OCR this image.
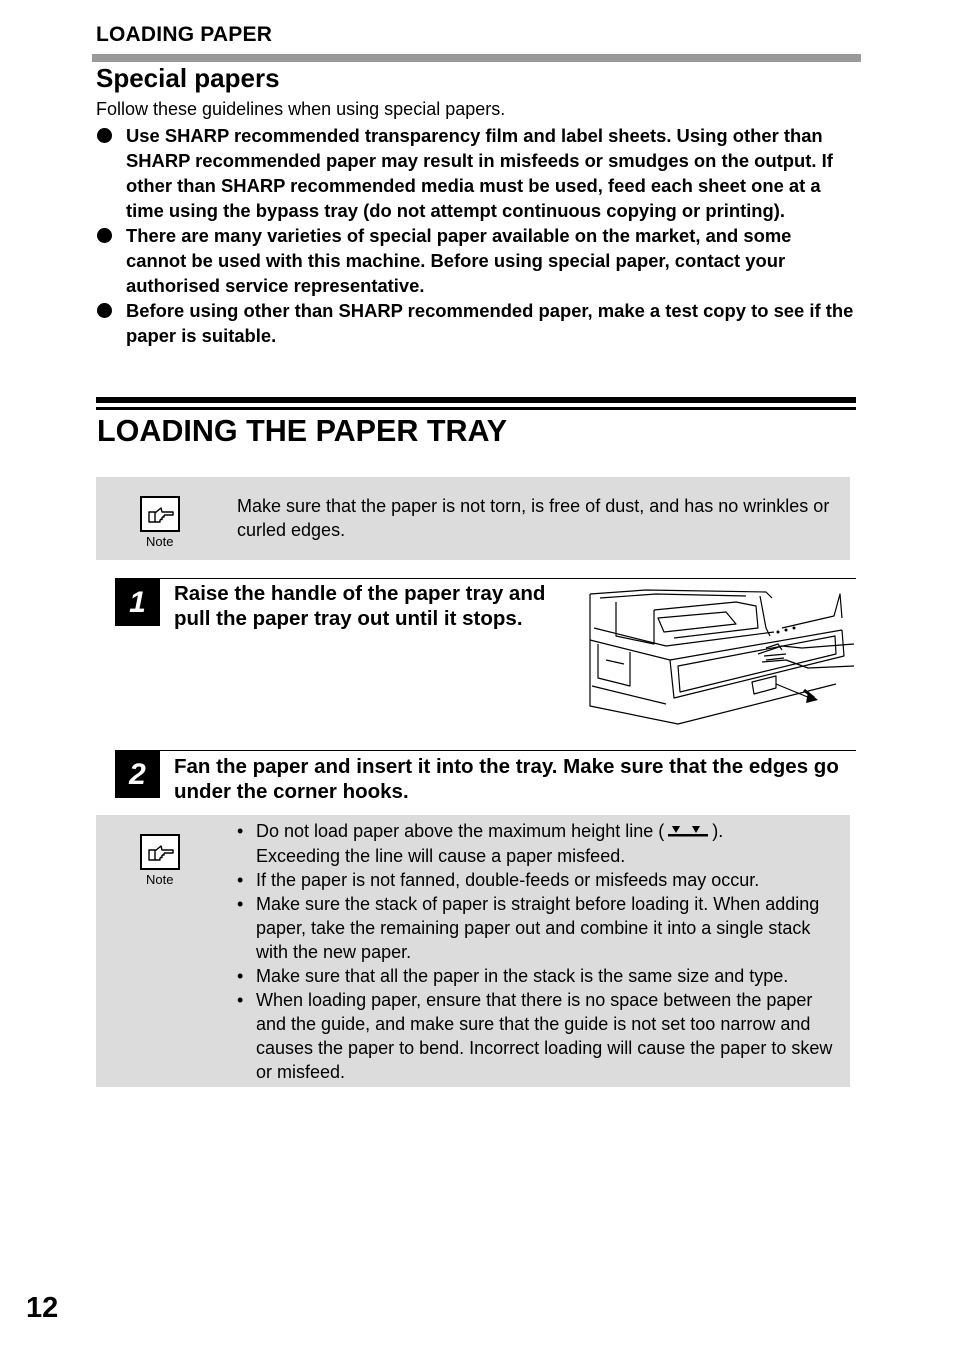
LOADING PAPER
Special papers
Follow these guidelines when using special papers.
Use SHARP recommended transparency film and label sheets. Using other than SHARP recommended paper may result in misfeeds or smudges on the output. If other than SHARP recommended media must be used, feed each sheet one at a time using the bypass tray (do not attempt continuous copying or printing).
There are many varieties of special paper available on the market, and some cannot be used with this machine. Before using special paper, contact your authorised service representative.
Before using other than SHARP recommended paper, make a test copy to see if the paper is suitable.
LOADING THE PAPER TRAY
Note
Make sure that the paper is not torn, is free of dust, and has no wrinkles or curled edges.
1	Raise the handle of the paper tray and pull the paper tray out until it stops.
2	Fan the paper and insert it into the tray. Make sure that the edges go under the corner hooks.
Note
• Do not load paper above the maximum height line (	).
Exceeding the line will cause a paper misfeed.
• If the paper is not fanned, double-feeds or misfeeds may occur.
• Make sure the stack of paper is straight before loading it. When adding paper, take the remaining paper out and combine it into a single stack with the new paper.
• Make sure that all the paper in the stack is the same size and type.
• When loading paper, ensure that there is no space between the paper and the guide, and make sure that the guide is not set too narrow and causes the paper to bend. Incorrect loading will cause the paper to skew or misfeed.
12
